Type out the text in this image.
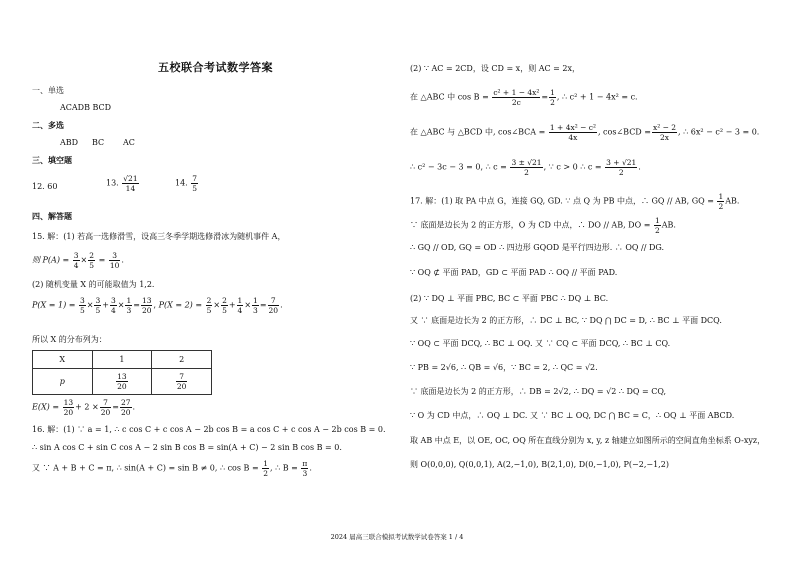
五校联合考试数学答案
一、单选
ACADB BCD
二、多选
ABD BC AC
三、填空题
12. 60	13. $\frac{√21}{14}$	14. $\frac{7}{5}$
四、解答题
15. 解：(1) 若高一选修滑雪，设高三冬季学期选修滑冰为随机事件 A，
则 $P(A) = \frac{3}{4} \times \frac{2}{5} = \frac{3}{10}$ .
(2) 随机变量 X 的可能取值为 1,2.
$P(X = 1) = \frac{3}{5} \times \frac{3}{5} + \frac{3}{4} \times \frac{1}{3} = \frac{13}{20}$ , $P(X = 2) = \frac{2}{5} \times \frac{2}{5} + \frac{1}{4} \times \frac{1}{3} = \frac{7}{20}$ .
所以 X 的分布列为：
X	1	2
p	$\frac{13}{20}$	$\frac{7}{20}$
$E(X) = \frac{13}{20} + 2 \times \frac{7}{20} = \frac{27}{20}$ .
16. 解：(1) ∵ a = 1, ∴ c cos C + c cos A − 2b cos B = a cos C + c cos A − 2b cos B = 0.
∴ sin A cos C + sin C cos A − 2 sin B cos B = sin(A + C) − 2 sin B cos B = 0.
又 ∵ A + B + C = π, ∴ sin(A + C) = sin B ≠ 0, ∴ $\cos B = \frac{1}{2}$ , ∴ $B = \frac{\pi}{3}$ .
(2) ∵ AC = 2CD，设 CD = x，则 AC = 2x，
在 △ABC 中 $\cos B = \frac{\text{c² + 1 − 4x²}}{2c} = \frac{1}{2}$ , ∴ c² + 1 − 4x² = c.
在 △ABC 与 △BCD 中, cos∠BCA = $\frac{\text{1 + 4x² − c²}}{4x}$ , cos∠BCD = $\frac{\text{x² − 2}}{2x}$ , ∴ 6x² − c² − 3 = 0.
∴ c² − 3c − 3 = 0, ∴ $c = \frac{3 \pm √21}{2}$ , ∵ c > 0 ∴ $c = \frac{3 + √21}{2}$ .
17. 解：(1) 取 PA 中点 G，连接 GQ, GD. ∵ 点 Q 为 PB 中点，∴ GQ // AB, GQ = $\frac{1}{2}$ AB.
∵ 底面是边长为 2 的正方形，O 为 CD 中点，∴ DO // AB, DO = $\frac{1}{2}$ AB.
∴ GQ // OD, GQ = OD ∴ 四边形 GQOD 是平行四边形. ∴ OQ // DG.
∵ OQ ⊄ 平面 PAD，GD ⊂ 平面 PAD ∴ OQ // 平面 PAD.
(2) ∵ DQ ⊥ 平面 PBC, BC ⊂ 平面 PBC ∴ DQ ⊥ BC.
又 ∵ 底面是边长为 2 的正方形，∴ DC ⊥ BC, ∵ DQ ⋂ DC = D, ∴ BC ⊥ 平面 DCQ.
∵ OQ ⊂ 平面 DCQ, ∴ BC ⊥ OQ. 又 ∵ CQ ⊂ 平面 DCQ, ∴ BC ⊥ CQ.
∵ PB = 2√6, ∴ QB = √6，∵ BC = 2, ∴ QC = √2.
∵ 底面是边长为 2 的正方形，∴ DB = 2√2, ∴ DQ = √2 ∴ DQ = CQ,
∵ O 为 CD 中点，∴ OQ ⊥ DC. 又 ∵ BC ⊥ OQ, DC ⋂ BC = C，∴ OQ ⊥ 平面 ABCD.
取 AB 中点 E，以 OE, OC, OQ 所在直线分别为 x, y, z 轴建立如图所示的空间直角坐标系 O-xyz，
则 O(0,0,0), Q(0,0,1), A(2,−1,0), B(2,1,0), D(0,−1,0), P(−2,−1,2)
2024 届高三联合模拟考试数学试卷答案 1 / 4
